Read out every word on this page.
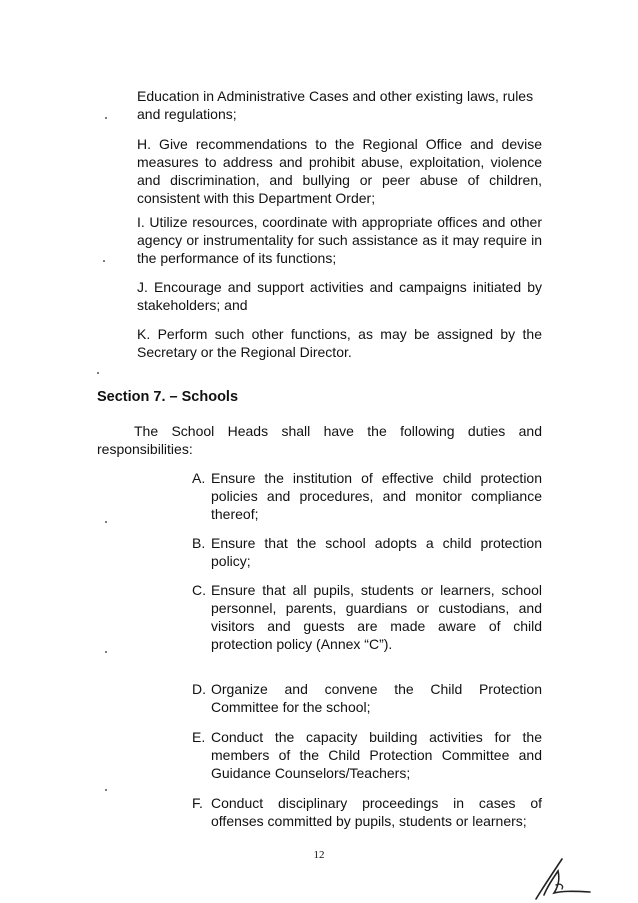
Education in Administrative Cases and other existing laws, rules and regulations;

H. Give recommendations to the Regional Office and devise measures to address and prohibit abuse, exploitation, violence and discrimination, and bullying or peer abuse of children, consistent with this Department Order;

I. Utilize resources, coordinate with appropriate offices and other agency or instrumentality for such assistance as it may require in the performance of its functions;

J. Encourage and support activities and campaigns initiated by stakeholders; and

K. Perform such other functions, as may be assigned by the Secretary or the Regional Director.

Section 7. – Schools

The School Heads shall have the following duties and responsibilities:

A. Ensure the institution of effective child protection policies and procedures, and monitor compliance thereof;
B. Ensure that the school adopts a child protection policy;
C. Ensure that all pupils, students or learners, school personnel, parents, guardians or custodians, and visitors and guests are made aware of child protection policy (Annex “C”).
D. Organize and convene the Child Protection Committee for the school;
E. Conduct the capacity building activities for the members of the Child Protection Committee and Guidance Counselors/Teachers;
F. Conduct disciplinary proceedings in cases of offenses committed by pupils, students or learners;
12
